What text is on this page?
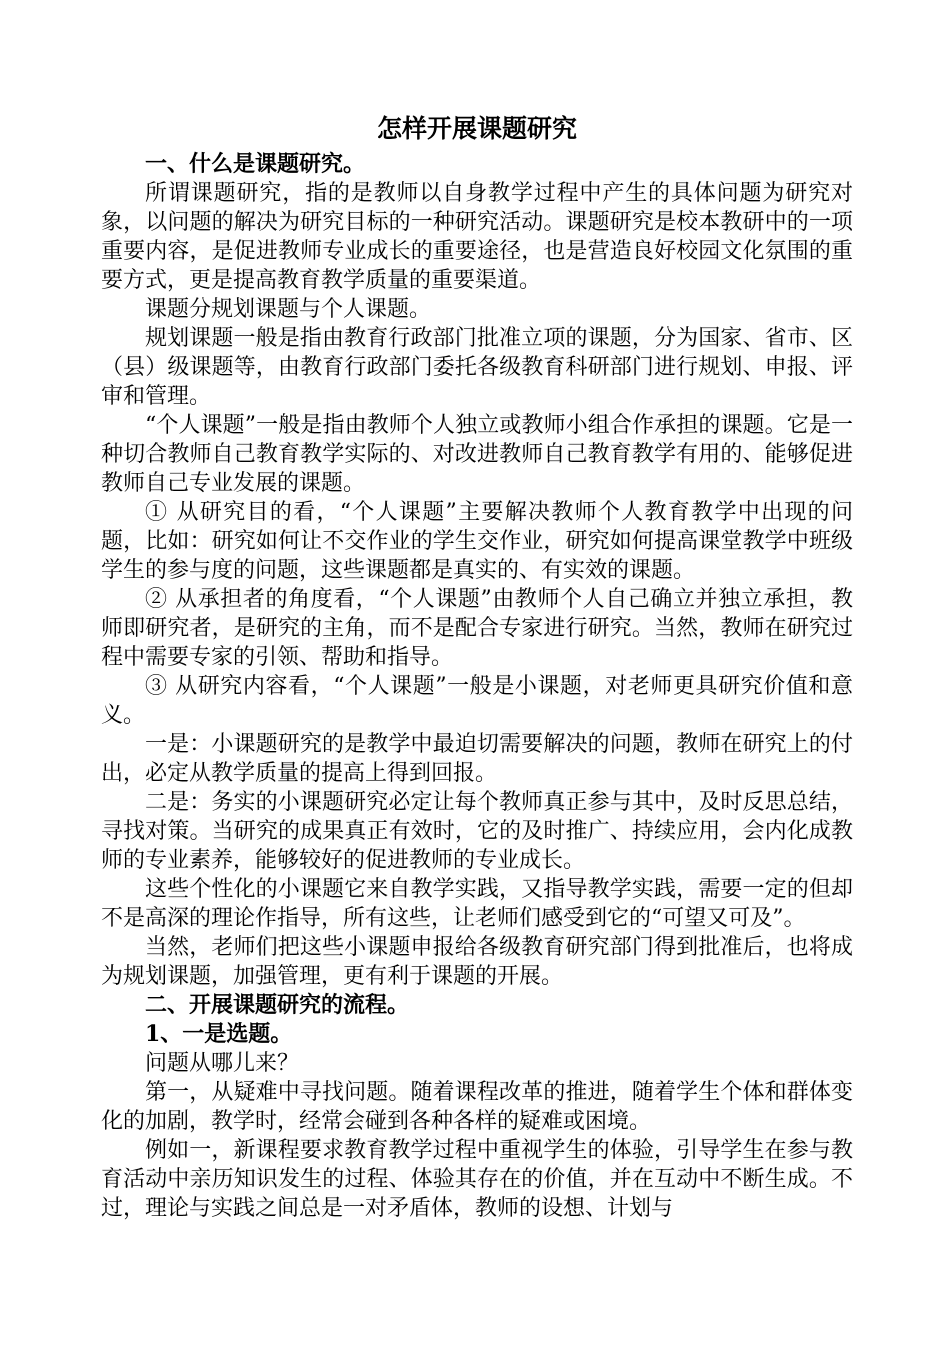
怎样开展课题研究

一、什么是课题研究。

所谓课题研究，指的是教师以自身教学过程中产生的具体问题为研究对象，以问题的解决为研究目标的一种研究活动。课题研究是校本教研中的一项重要内容，是促进教师专业成长的重要途径，也是营造良好校园文化氛围的重要方式，更是提高教育教学质量的重要渠道。

课题分规划课题与个人课题。

规划课题一般是指由教育行政部门批准立项的课题，分为国家、省市、区（县）级课题等，由教育行政部门委托各级教育科研部门进行规划、申报、评审和管理。

“个人课题”一般是指由教师个人独立或教师小组合作承担的课题。它是一种切合教师自己教育教学实际的、对改进教师自己教育教学有用的、能够促进教师自己专业发展的课题。

① 从研究目的看，“个人课题”主要解决教师个人教育教学中出现的问题，比如：研究如何让不交作业的学生交作业，研究如何提高课堂教学中班级学生的参与度的问题，这些课题都是真实的、有实效的课题。

② 从承担者的角度看，“个人课题”由教师个人自己确立并独立承担，教师即研究者，是研究的主角，而不是配合专家进行研究。当然，教师在研究过程中需要专家的引领、帮助和指导。

③ 从研究内容看，“个人课题”一般是小课题，对老师更具研究价值和意义。

一是：小课题研究的是教学中最迫切需要解决的问题，教师在研究上的付出，必定从教学质量的提高上得到回报。

二是：务实的小课题研究必定让每个教师真正参与其中，及时反思总结，寻找对策。当研究的成果真正有效时，它的及时推广、持续应用，会内化成教师的专业素养，能够较好的促进教师的专业成长。

这些个性化的小课题它来自教学实践，又指导教学实践，需要一定的但却不是高深的理论作指导，所有这些，让老师们感受到它的“可望又可及”。

当然，老师们把这些小课题申报给各级教育研究部门得到批准后，也将成为规划课题，加强管理，更有利于课题的开展。

二、开展课题研究的流程。

1、一是选题。

问题从哪儿来？

第一，从疑难中寻找问题。随着课程改革的推进，随着学生个体和群体变化的加剧，教学时，经常会碰到各种各样的疑难或困境。

例如一，新课程要求教育教学过程中重视学生的体验，引导学生在参与教育活动中亲历知识发生的过程、体验其存在的价值，并在互动中不断生成。不过，理论与实践之间总是一对矛盾体，教师的设想、计划与
